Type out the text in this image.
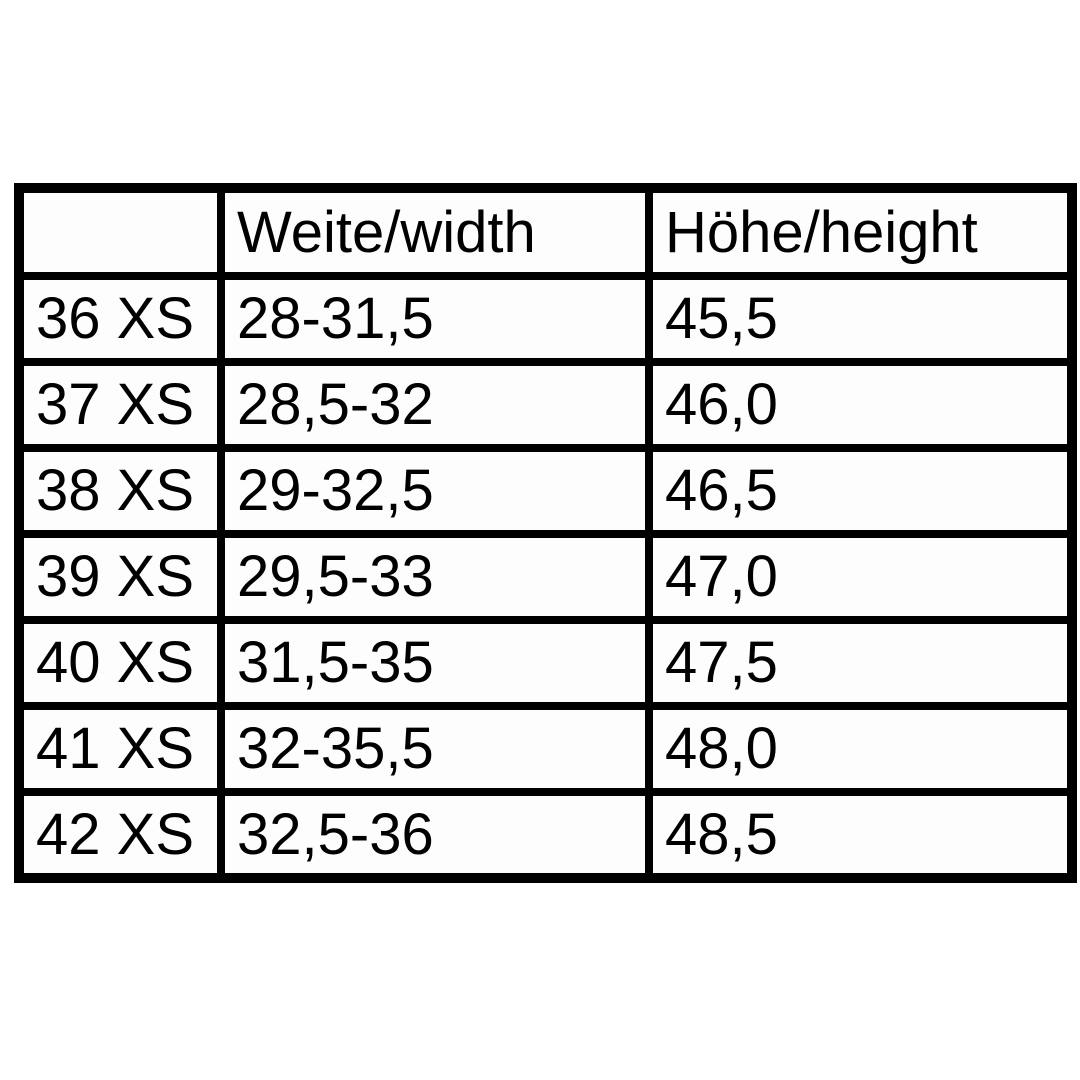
	Weite/width	Höhe/height
36 XS	28-31,5	45,5
37 XS	28,5-32	46,0
38 XS	29-32,5	46,5
39 XS	29,5-33	47,0
40 XS	31,5-35	47,5
41 XS	32-35,5	48,0
42 XS	32,5-36	48,5
